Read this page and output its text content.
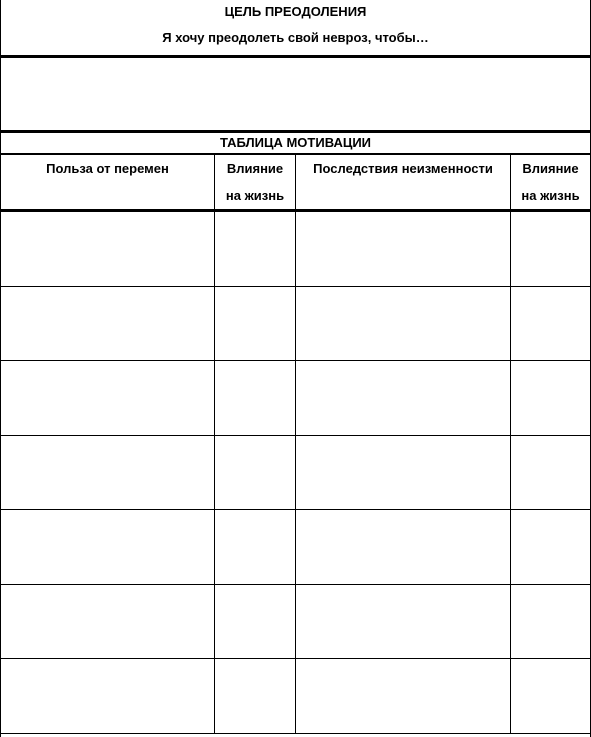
ЦЕЛЬ ПРЕОДОЛЕНИЯ
Я хочу преодолеть свой невроз, чтобы…
ТАБЛИЦА МОТИВАЦИИ
Польза от перемен	Влияние
на жизнь
Последствия неизменности	Влияние
на жизнь
